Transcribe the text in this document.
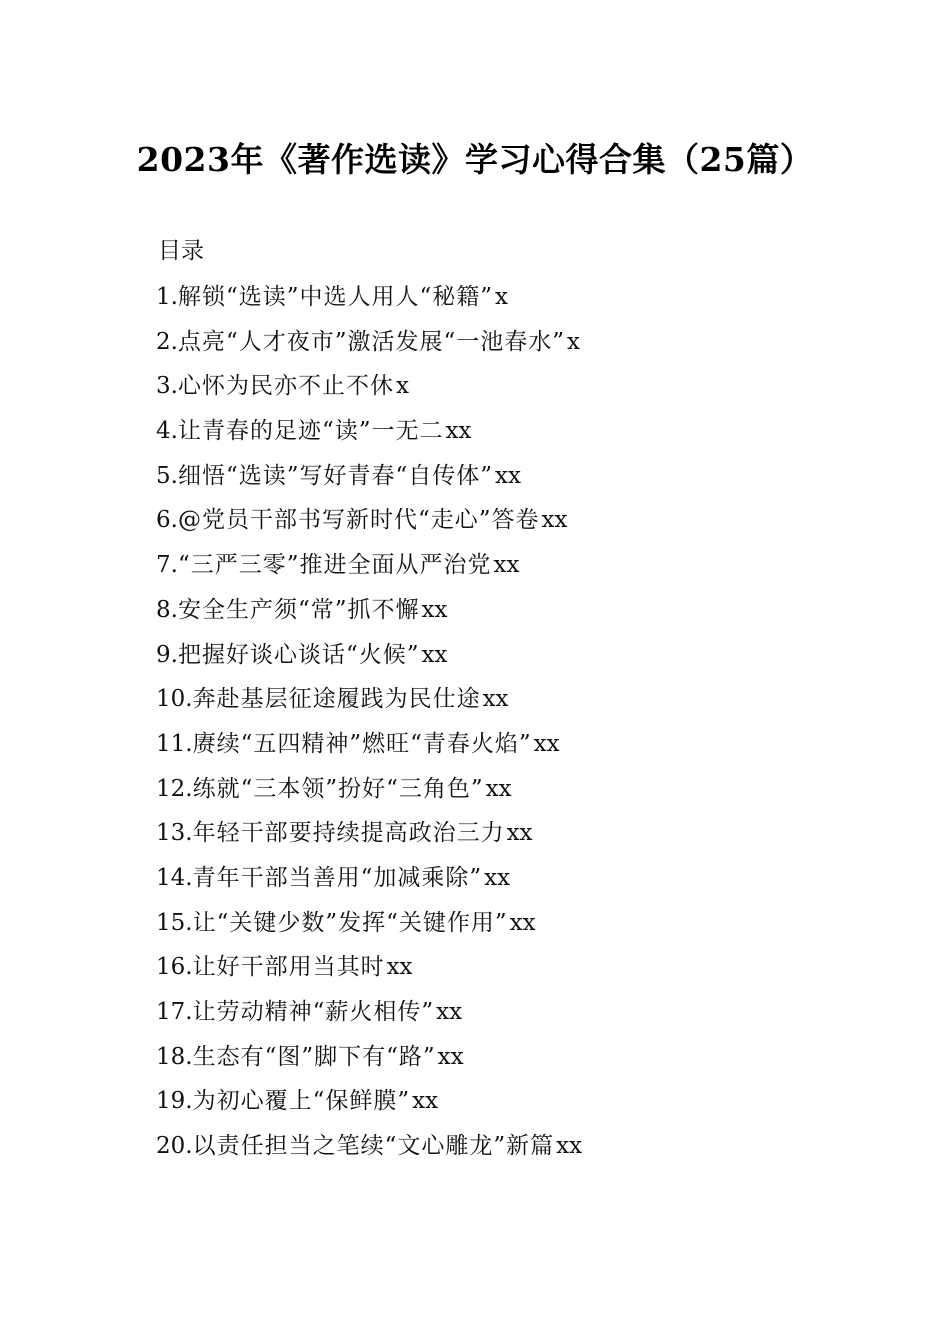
2023年《著作选读》学习心得合集（25篇）
目录
1.解锁“选读”中选人用人“秘籍”x
2.点亮“人才夜市”激活发展“一池春水”x
3.心怀为民亦不止不休x
4.让青春的足迹“读”一无二xx
5.细悟“选读”写好青春“自传体”xx
6.@党员干部书写新时代“走心”答卷xx
7.“三严三零”推进全面从严治党xx
8.安全生产须“常”抓不懈xx
9.把握好谈心谈话“火候”xx
10.奔赴基层征途履践为民仕途xx
11.赓续“五四精神”燃旺“青春火焰”xx
12.练就“三本领”扮好“三角色”xx
13.年轻干部要持续提高政治三力xx
14.青年干部当善用“加减乘除”xx
15.让“关键少数”发挥“关键作用”xx
16.让好干部用当其时xx
17.让劳动精神“薪火相传”xx
18.生态有“图”脚下有“路”xx
19.为初心覆上“保鲜膜”xx
20.以责任担当之笔续“文心雕龙”新篇xx
